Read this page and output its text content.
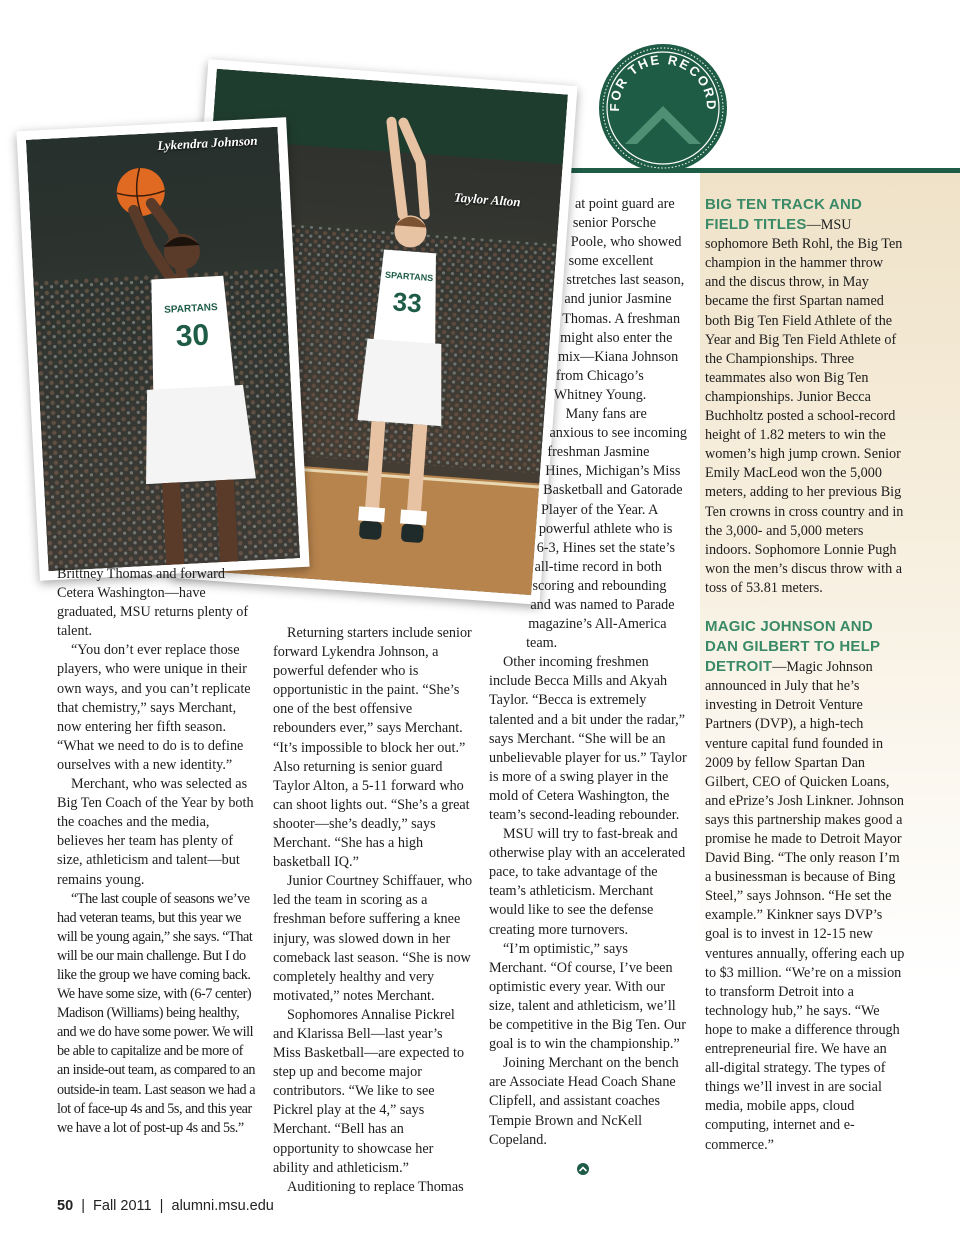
FOR THE RECORD
SPARTANS
33
Taylor Alton
SPARTANS
30
Lykendra Johnson

Brittney Thomas and forward Cetera Washington—have graduated, MSU returns plenty of talent.

“You don’t ever replace those players, who were unique in their own ways, and you can’t replicate that chemistry,” says Merchant, now entering her fifth season. “What we need to do is to define ourselves with a new identity.”

Merchant, who was selected as Big Ten Coach of the Year by both the coaches and the media, believes her team has plenty of size, athleticism and talent—but remains young.

“The last couple of seasons we’ve had veteran teams, but this year we will be young again,” she says. “That will be our main challenge. But I do like the group we have coming back. We have some size, with (6-7 center) Madison (Williams) being healthy, and we do have some power. We will be able to capitalize and be more of an inside-out team, as compared to an outside-in team. Last season we had a lot of face-up 4s and 5s, and this year we have a lot of post-up 4s and 5s.”

Returning starters include senior forward Lykendra Johnson, a powerful defender who is opportunistic in the paint. “She’s one of the best offensive rebounders ever,” says Merchant. “It’s impossible to block her out.” Also returning is senior guard Taylor Alton, a 5-11 forward who can shoot lights out. “She’s a great shooter—she’s deadly,” says Merchant. “She has a high basketball IQ.”

Junior Courtney Schiffauer, who led the team in scoring as a freshman before suffering a knee injury, was slowed down in her comeback last season. “She is now completely healthy and very motivated,” notes Merchant.

Sophomores Annalise Pickrel and Klarissa Bell—last year’s Miss Basketball—are expected to step up and become major contributors. “We like to see Pickrel play at the 4,” says Merchant. “Bell has an opportunity to showcase her ability and athleticism.”

Auditioning to replace Thomas

at point guard are senior Porsche Poole, who showed some excellent stretches last season, and junior Jasmine Thomas. A freshman might also enter the mix—Kiana Johnson from Chicago’s Whitney Young.

Many fans are anxious to see incoming freshman Jasmine Hines, Michigan’s Miss Basketball and Gatorade Player of the Year. A powerful athlete who is 6-3, Hines set the state’s all-time record in both scoring and rebounding and was named to Parade magazine’s All-America team.

Other incoming freshmen include Becca Mills and Akyah Taylor. “Becca is extremely talented and a bit under the radar,” says Merchant. “She will be an unbelievable player for us.” Taylor is more of a swing player in the mold of Cetera Washington, the team’s second-leading rebounder.

MSU will try to fast-break and otherwise play with an accelerated pace, to take advantage of the team’s athleticism. Merchant would like to see the defense creating more turnovers.

“I’m optimistic,” says Merchant. “Of course, I’ve been optimistic every year. With our size, talent and athleticism, we’ll be competitive in the Big Ten. Our goal is to win the championship.”

Joining Merchant on the bench are Associate Head Coach Shane Clipfell, and assistant coaches Tempie Brown and NcKell Copeland.

BIG TEN TRACK AND FIELD TITLES—MSU sophomore Beth Rohl, the Big Ten champion in the hammer throw and the discus throw, in May became the first Spartan named both Big Ten Field Athlete of the Year and Big Ten Field Athlete of the Championships. Three teammates also won Big Ten championships. Junior Becca Buchholtz posted a school-record height of 1.82 meters to win the women’s high jump crown. Senior Emily MacLeod won the 5,000 meters, adding to her previous Big Ten crowns in cross country and in the 3,000- and 5,000 meters indoors. Sophomore Lonnie Pugh won the men’s discus throw with a toss of 53.81 meters.

MAGIC JOHNSON AND DAN GILBERT TO HELP DETROIT—Magic Johnson announced in July that he’s investing in Detroit Venture Partners (DVP), a high-tech venture capital fund founded in 2009 by fellow Spartan Dan Gilbert, CEO of Quicken Loans, and ePrize’s Josh Linkner. Johnson says this partnership makes good a promise he made to Detroit Mayor David Bing. “The only reason I’m a businessman is because of Bing Steel,” says Johnson. “He set the example.” Kinkner says DVP’s goal is to invest in 12-15 new ventures annually, offering each up to $3 million. “We’re on a mission to transform Detroit into a technology hub,” he says. “We hope to make a difference through entrepreneurial fire. We have an all-digital strategy. The types of things we’ll invest in are social media, mobile apps, cloud computing, internet and e-commerce.”

50  |  Fall 2011  |  alumni.msu.edu
